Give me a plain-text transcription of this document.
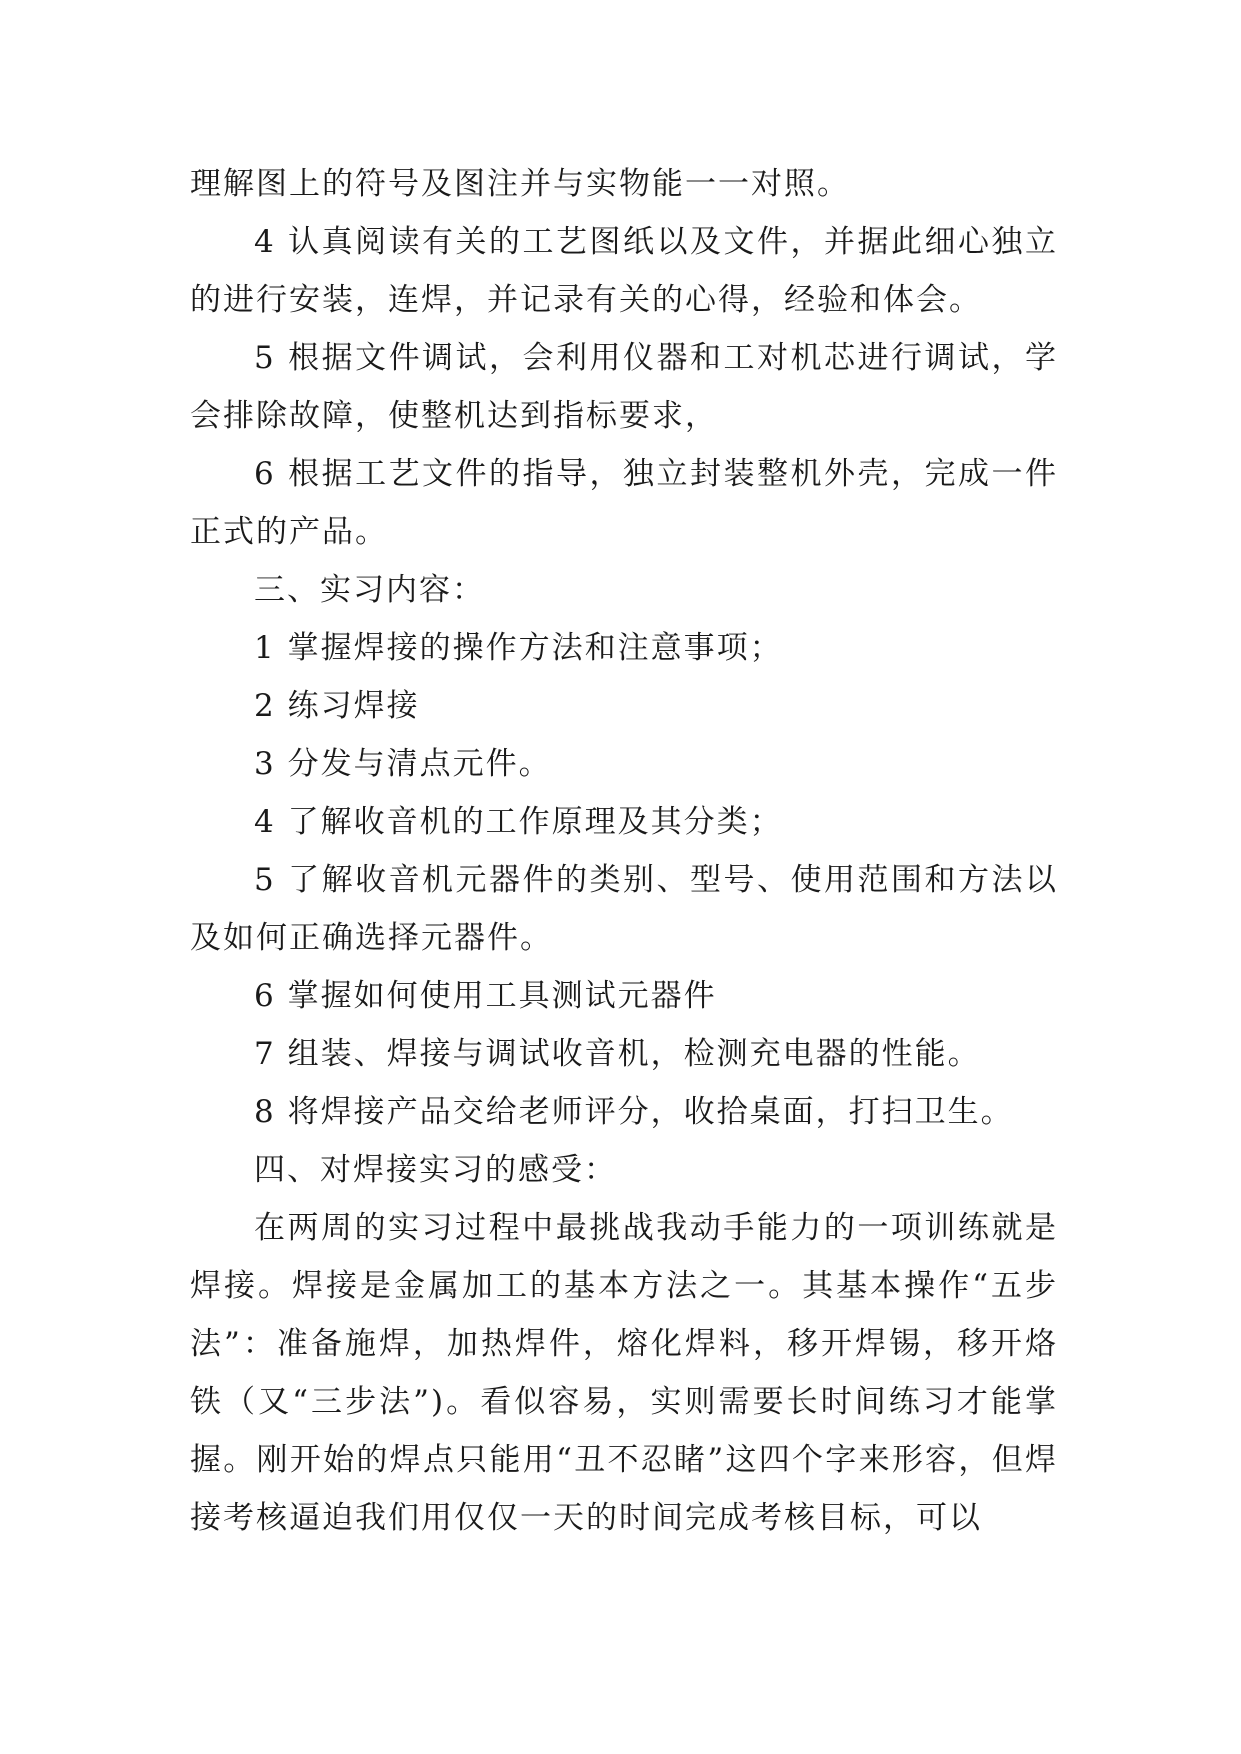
理解图上的符号及图注并与实物能一一对照。

4 认真阅读有关的工艺图纸以及文件，并据此细心独立的进行安装，连焊，并记录有关的心得，经验和体会。

5 根据文件调试，会利用仪器和工对机芯进行调试，学会排除故障，使整机达到指标要求，

6 根据工艺文件的指导，独立封装整机外壳，完成一件正式的产品。

三、实习内容：

1 掌握焊接的操作方法和注意事项；

2 练习焊接

3 分发与清点元件。

4 了解收音机的工作原理及其分类；

5 了解收音机元器件的类别、型号、使用范围和方法以及如何正确选择元器件。

6 掌握如何使用工具测试元器件

7 组装、焊接与调试收音机，检测充电器的性能。

8 将焊接产品交给老师评分，收拾桌面，打扫卫生。

四、对焊接实习的感受：

在两周的实习过程中最挑战我动手能力的一项训练就是焊接。焊接是金属加工的基本方法之一。其基本操作“五步法”：准备施焊，加热焊件，熔化焊料，移开焊锡，移开烙铁（又“三步法”)。看似容易，实则需要长时间练习才能掌握。刚开始的焊点只能用“丑不忍睹”这四个字来形容，但焊接考核逼迫我们用仅仅一天的时间完成考核目标，可以
